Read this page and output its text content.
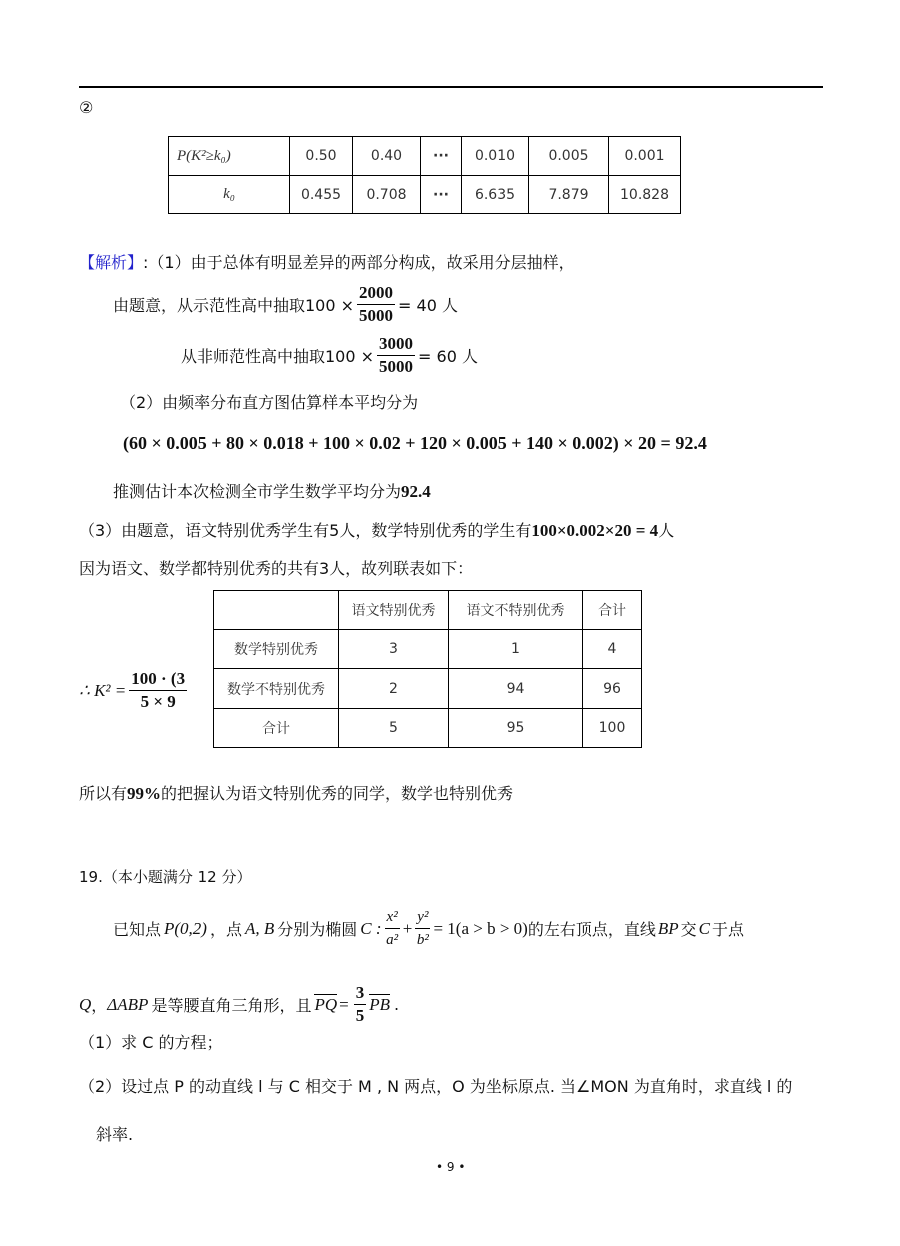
②
P(K²≥k₀)	0.50	0.40	···	0.010	0.005	0.001
k₀	0.455	0.708	···	6.635	7.879	10.828
【解析】:（1）由于总体有明显差异的两部分构成，故采用分层抽样，
由题意，从示范性高中抽取$100 \times \frac{2000}{5000} = 40$ 人
从非师范性高中抽取$100 \times \frac{3000}{5000} = 60$ 人
（2）由频率分布直方图估算样本平均分为
(60 × 0.005 + 80 × 0.018 + 100 × 0.02 + 120 × 0.005 + 140 × 0.002) × 20 = 92.4
推测估计本次检测全市学生数学平均分为92.4
（3）由题意，语文特别优秀学生有5人，数学特别优秀的学生有100×0.002×20 = 4人
因为语文、数学都特别优秀的共有3人，故列联表如下：
∴ $K^2 = \frac{100 \cdot (3}{5 \times 9}$
	语文特别优秀	语文不特别优秀	合计
数学特别优秀	3	1	4
数学不特别优秀	2	94	96
合计	5	95	100
所以有99%的把握认为语文特别优秀的同学，数学也特别优秀
19.（本小题满分 12 分）
已知点 P(0,2) ，点 A, B 分别为椭圆 C : $\frac{\text{x²}}{\text{a²}} + \frac{\text{y²}}{\text{b²}} = 1(a > b > 0)$ 的左右顶点，直线 BP 交 C 于点
Q ， ΔABP 是等腰直角三角形，且 PQ = $\frac{3}{5}$ PB .
（1）求 C 的方程；
（2）设过点 P 的动直线 l 与 C 相交于 M , N 两点，O 为坐标原点. 当∠MON 为直角时，求直线 l 的
斜率.
• 9 •
